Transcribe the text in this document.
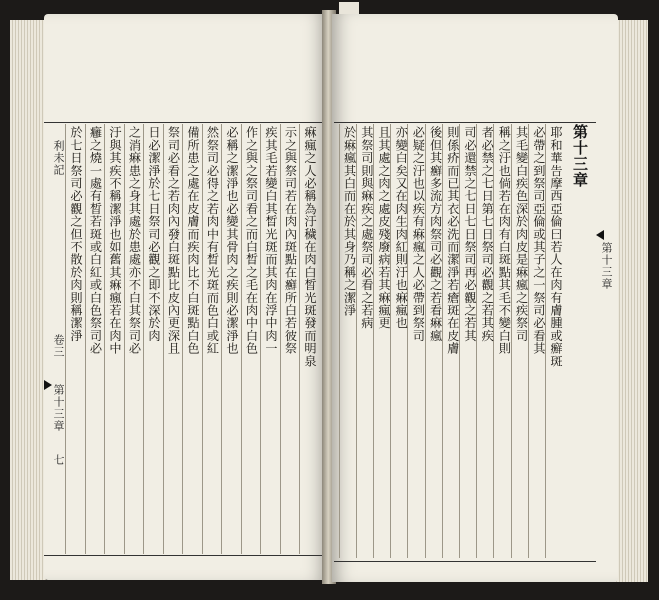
痳瘋之人必稱為汙穢在肉白晳光斑發而明泉
示之與祭司若在肉內斑點在癬所白若彼祭
疾其毛若變白其晳光斑而其肉在浮中肉一
作之與之祭司看之而白晳之毛在肉中白色
必稱之潔淨也必變其骨肉之疾則必潔淨也
然祭司必得之若肉中有晳光斑而色白或紅
備所患之處在皮膚而疾肉比不白斑點白色
祭司必看之若肉內發白斑點比皮內更深且
日必潔淨於七日祭司必觀之即不深於肉
之消痳患之身其處於患處亦不白其祭司必
汙與其疾不稱潔淨也如舊其痳瘋若在肉中
癰之燒一處有晳若斑或白紅或白色祭司必
於七日祭司必觀之但不散於肉則稱潔淨
利未記
卷三
第十三章
七
第十三章
耶和華告摩西亞倫曰若人在肉有膚腫或癬斑
必帶之到祭司亞倫或其子之一祭司必看其
其毛變白疾色深於肉皮是痳瘋之疾祭司
稱之汙也倘若在肉有白斑點其毛不變白則
者必禁之七日第七日祭司必觀之若其疾
司必還禁之七日七日祭司再必觀之若其
則係疥而已其衣必洗而潔淨若瘡斑在皮膚
後但其癬多流方肉祭司必觀之若看痳瘋
必疑之汙也以疾有痳瘋之人必帶到祭司
亦變白矣又在肉生肉紅則汙也痳瘋也
且其處之肉之處皮殘廢病若其痳瘋更
其祭司則與痳疾之處祭司必看之若病
於痳瘋其白而在於其身乃稱之潔淨	第十三章
